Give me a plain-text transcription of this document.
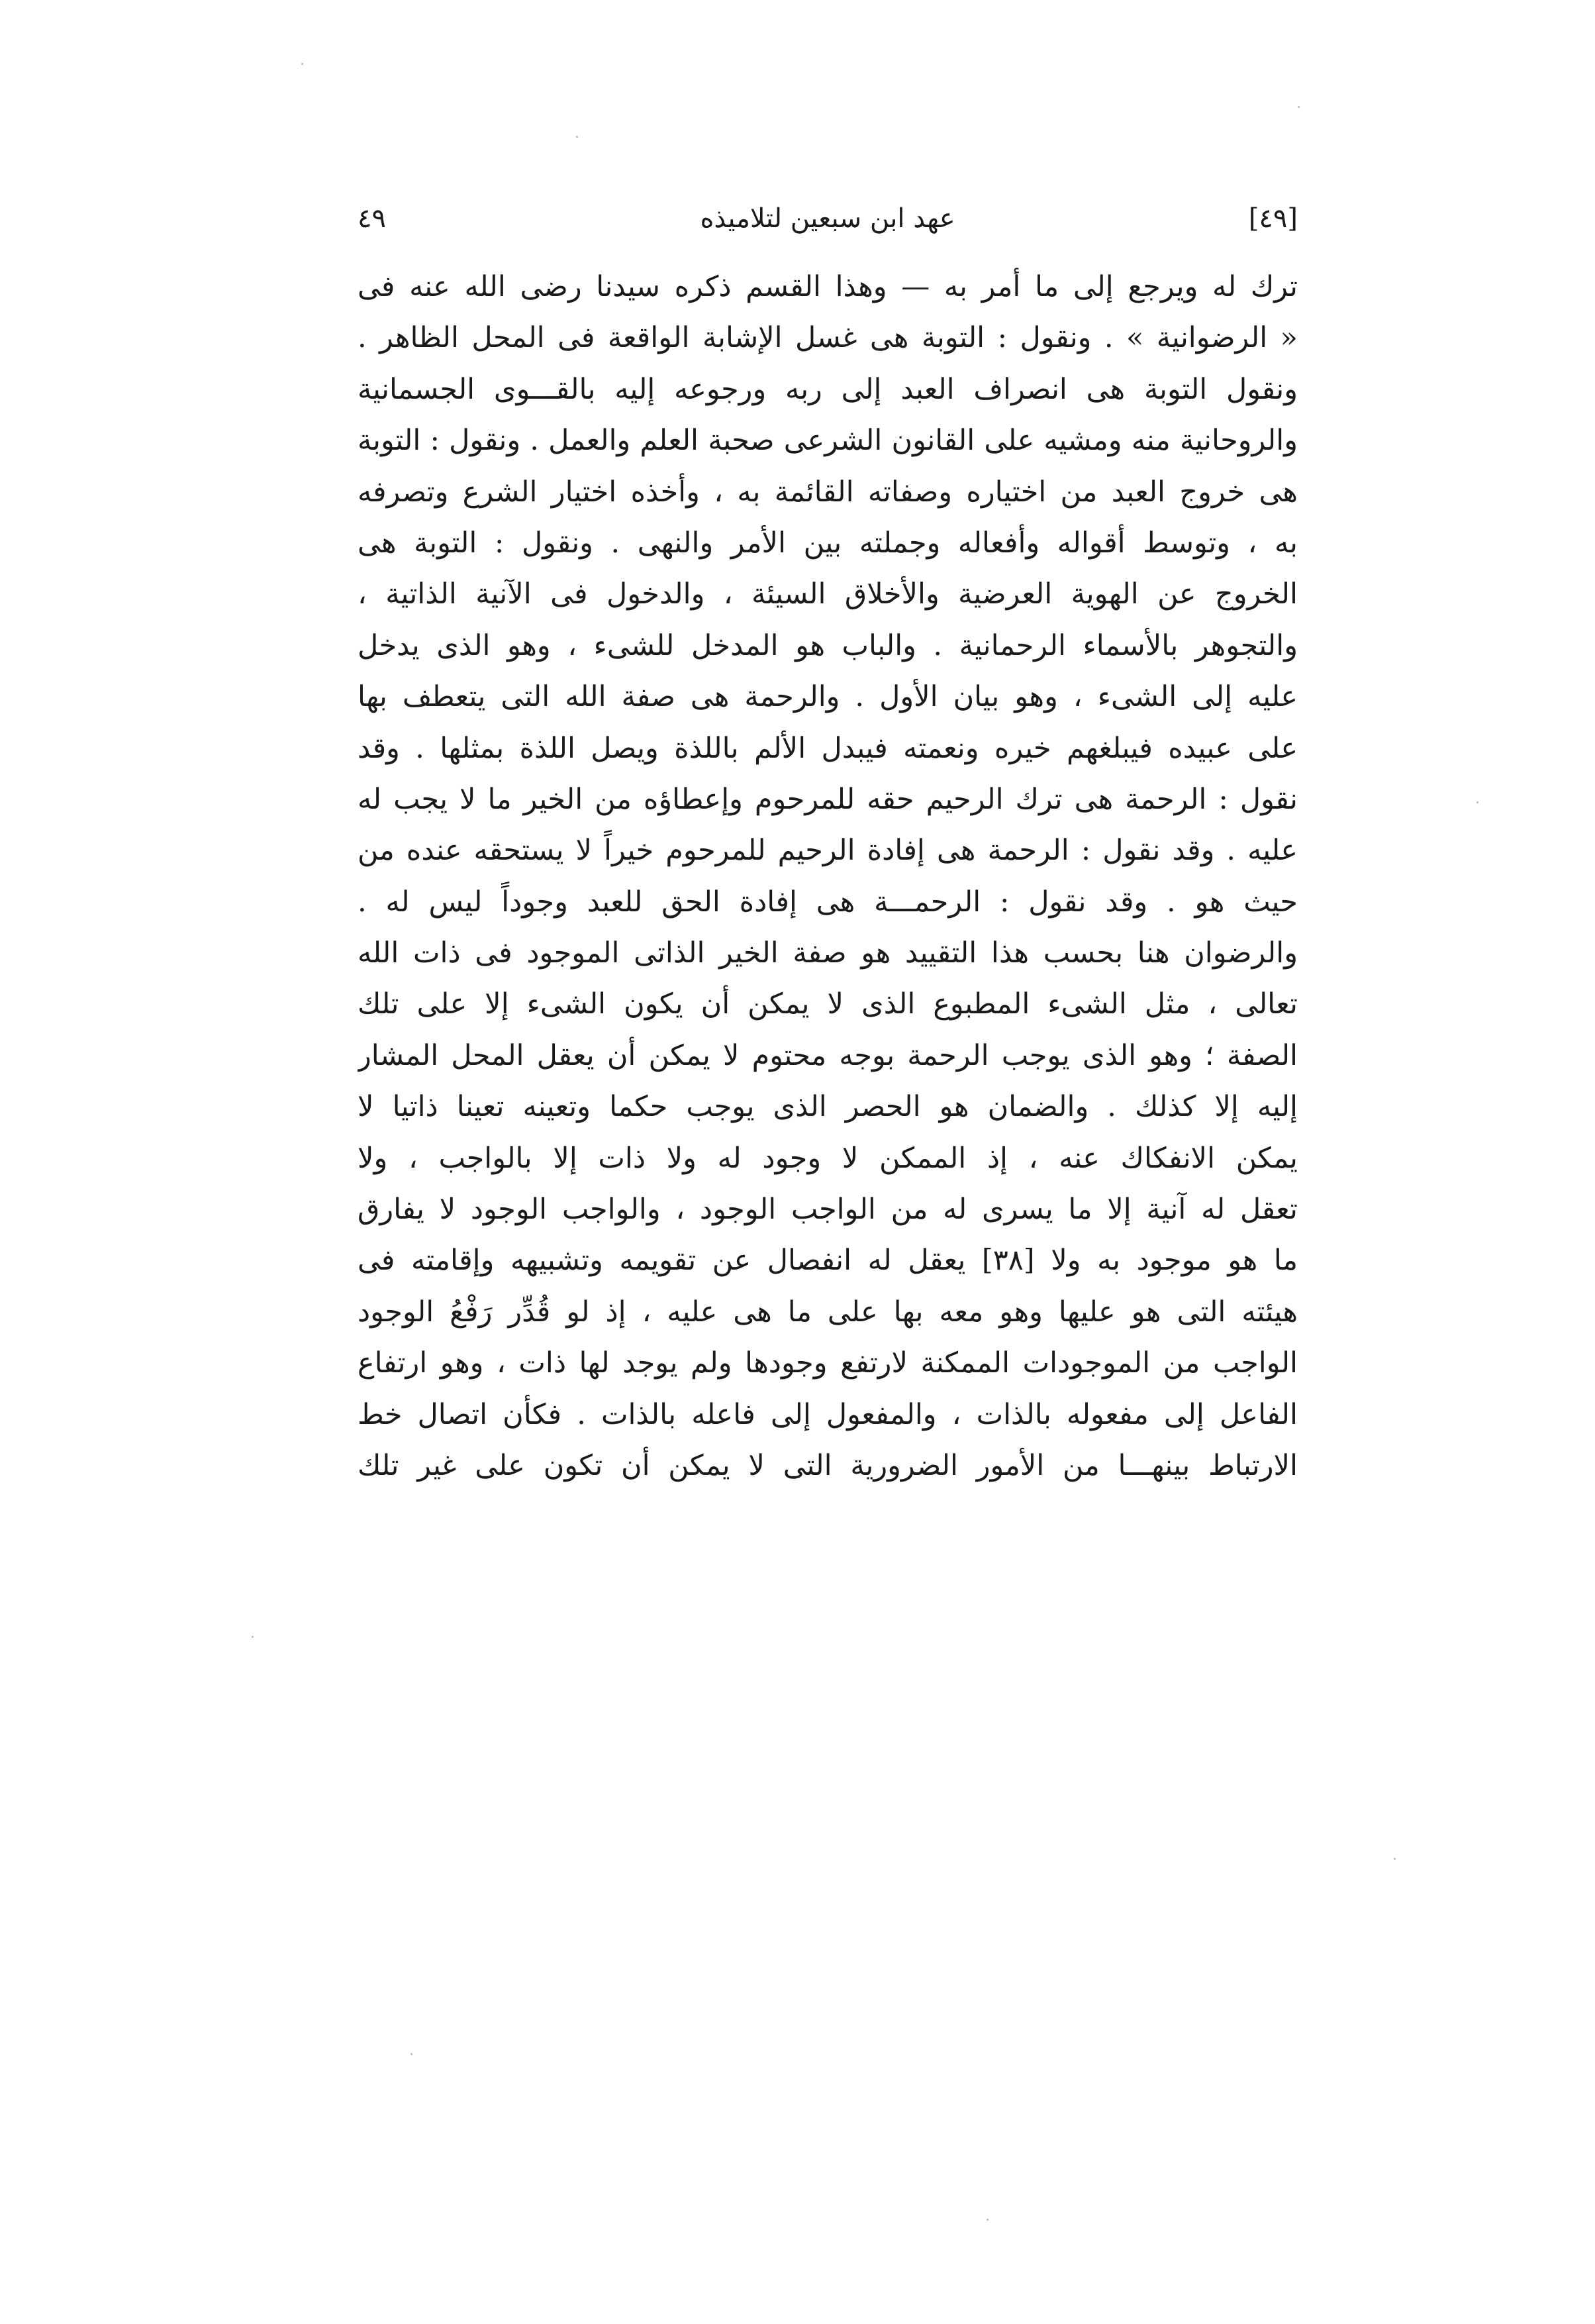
[٤٩]
عهد ابن سبعين لتلاميذه
٤٩
ترك له ويرجع إلى ما أمر به — وهذا القسم ذكره سيدنا رضى الله عنه فى
« الرضوانية » . ونقول : التوبة هى غسل الإشابة الواقعة فى المحل الظاهر .
ونقول التوبة هى انصراف العبد إلى ربه ورجوعه إليه بالقـــوى الجسمانية
والروحانية منه ومشيه على القانون الشرعى صحبة العلم والعمل . ونقول : التوبة
هى خروج العبد من اختياره وصفاته القائمة به ، وأخذه اختيار الشرع وتصرفه
به ، وتوسط أقواله وأفعاله وجملته بين الأمر والنهى . ونقول : التوبة هى
الخروج عن الهوية العرضية والأخلاق السيئة ، والدخول فى الآنية الذاتية ،
والتجوهر بالأسماء الرحمانية . والباب هو المدخل للشىء ، وهو الذى يدخل
عليه إلى الشىء ، وهو بيان الأول . والرحمة هى صفة الله التى يتعطف بها
على عبيده فيبلغهم خيره ونعمته فيبدل الألم باللذة ويصل اللذة بمثلها . وقد
نقول : الرحمة هى ترك الرحيم حقه للمرحوم وإعطاؤه من الخير ما لا يجب له
عليه . وقد نقول : الرحمة هى إفادة الرحيم للمرحوم خيراً لا يستحقه عنده من
حيث هو . وقد نقول : الرحمـــة هى إفادة الحق للعبد وجوداً ليس له .
والرضوان هنا بحسب هذا التقييد هو صفة الخير الذاتى الموجود فى ذات الله
تعالى ، مثل الشىء المطبوع الذى لا يمكن أن يكون الشىء إلا على تلك
الصفة ؛ وهو الذى يوجب الرحمة بوجه محتوم لا يمكن أن يعقل المحل المشار
إليه إلا كذلك . والضمان هو الحصر الذى يوجب حكما وتعينه تعينا ذاتيا لا
يمكن الانفكاك عنه ، إذ الممكن لا وجود له ولا ذات إلا بالواجب ، ولا
تعقل له آنية إلا ما يسرى له من الواجب الوجود ، والواجب الوجود لا يفارق
ما هو موجود به ولا [٣٨] يعقل له انفصال عن تقويمه وتشبيهه وإقامته فى
هيئته التى هو عليها وهو معه بها على ما هى عليه ، إذ لو قُدِّر رَفْعُ الوجود
الواجب من الموجودات الممكنة لارتفع وجودها ولم يوجد لها ذات ، وهو ارتفاع
الفاعل إلى مفعوله بالذات ، والمفعول إلى فاعله بالذات . فكأن اتصال خط
الارتباط بينهـــا من الأمور الضرورية التى لا يمكن أن تكون على غير تلك
